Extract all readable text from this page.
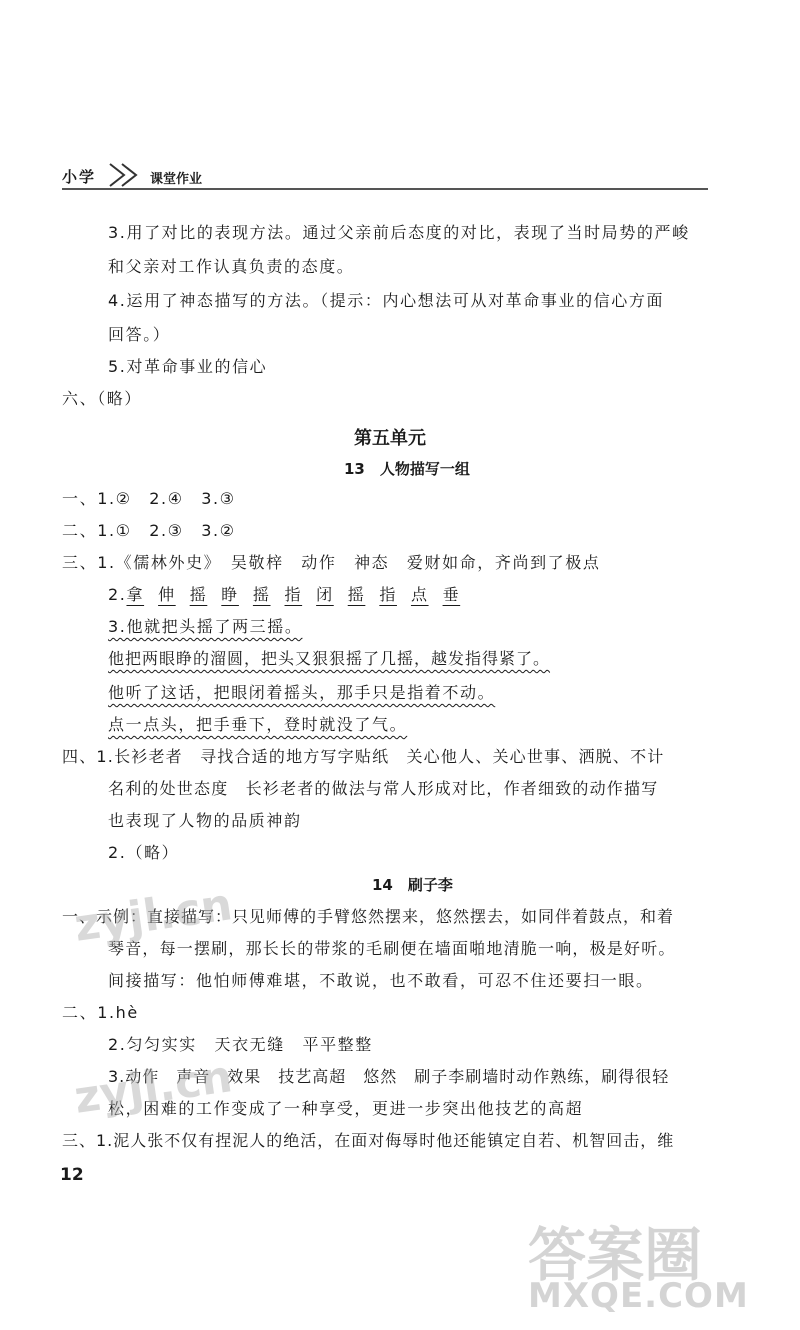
小学	课堂作业
3.用了对比的表现方法。通过父亲前后态度的对比，表现了当时局势的严峻
和父亲对工作认真负责的态度。
4.运用了神态描写的方法。（提示：内心想法可从对革命事业的信心方面
回答。）
5.对革命事业的信心
六、（略）
第五单元
13　人物描写一组
一、1.②　2.④　3.③
二、1.①　2.③　3.②
三、1.《儒林外史》　吴敬梓　动作　神态　爱财如命，齐尚到了极点
2.拿 伸 摇 睁 摇 指 闭 摇 指 点 垂
3.他就把头摇了两三摇。
他把两眼睁的溜圆，把头又狠狠摇了几摇，越发指得紧了。
他听了这话，把眼闭着摇头，那手只是指着不动。
点一点头，把手垂下，登时就没了气。
四、1.长衫老者　寻找合适的地方写字贴纸　关心他人、关心世事、洒脱、不计
名利的处世态度　长衫老者的做法与常人形成对比，作者细致的动作描写
也表现了人物的品质神韵
2.（略）
14　刷子李
一、示例：直接描写：只见师傅的手臂悠然摆来，悠然摆去，如同伴着鼓点，和着
琴音，每一摆刷，那长长的带浆的毛刷便在墙面啪地清脆一响，极是好听。
间接描写：他怕师傅难堪，不敢说，也不敢看，可忍不住还要扫一眼。
二、1.hè
2.匀匀实实　天衣无缝　平平整整
3.动作　声音　效果　技艺高超　悠然　刷子李刷墙时动作熟练，刷得很轻
松，困难的工作变成了一种享受，更进一步突出他技艺的高超
三、1.泥人张不仅有捏泥人的绝活，在面对侮辱时他还能镇定自若、机智回击，维
12
zyjl.cn
zyjl.cn
答案圈
MXQE.COM
